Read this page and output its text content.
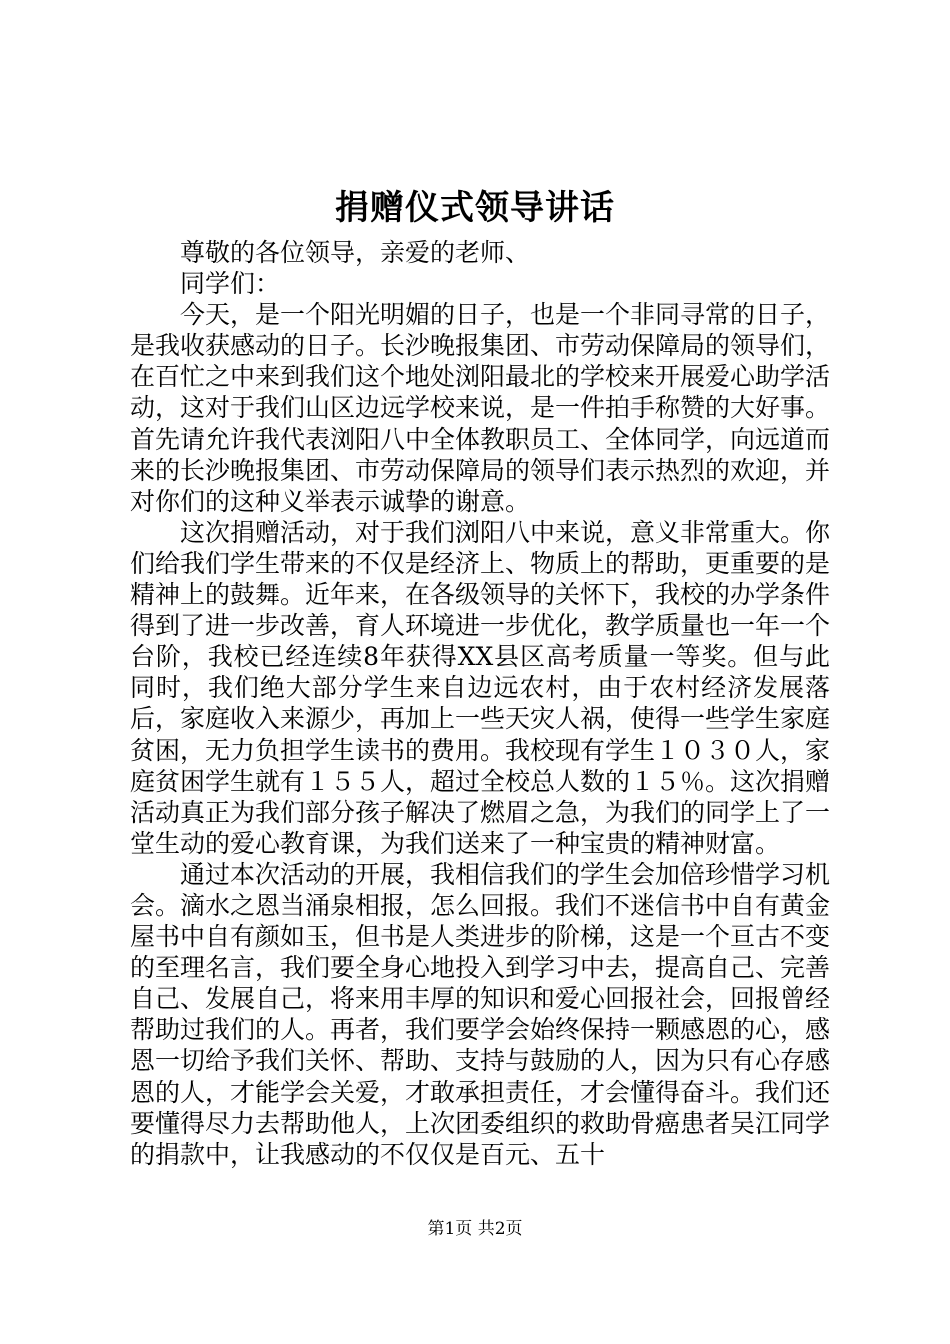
捐赠仪式领导讲话

尊敬的各位领导，亲爱的老师、

同学们：

今天，是一个阳光明媚的日子，也是一个非同寻常的日子，是我收获感动的日子。长沙晚报集团、市劳动保障局的领导们，在百忙之中来到我们这个地处浏阳最北的学校来开展爱心助学活动，这对于我们山区边远学校来说，是一件拍手称赞的大好事。首先请允许我代表浏阳八中全体教职员工、全体同学，向远道而来的长沙晚报集团、市劳动保障局的领导们表示热烈的欢迎，并对你们的这种义举表示诚挚的谢意。

这次捐赠活动，对于我们浏阳八中来说，意义非常重大。你们给我们学生带来的不仅是经济上、物质上的帮助，更重要的是精神上的鼓舞。近年来，在各级领导的关怀下，我校的办学条件得到了进一步改善，育人环境进一步优化，教学质量也一年一个台阶，我校已经连续8年获得XX县区高考质量一等奖。但与此同时，我们绝大部分学生来自边远农村，由于农村经济发展落后，家庭收入来源少，再加上一些天灾人祸，使得一些学生家庭贫困，无力负担学生读书的费用。我校现有学生１０３０人，家庭贫困学生就有１５５人，超过全校总人数的１５％。这次捐赠活动真正为我们部分孩子解决了燃眉之急，为我们的同学上了一堂生动的爱心教育课，为我们送来了一种宝贵的精神财富。

通过本次活动的开展，我相信我们的学生会加倍珍惜学习机会。滴水之恩当涌泉相报，怎么回报。我们不迷信书中自有黄金屋书中自有颜如玉，但书是人类进步的阶梯，这是一个亘古不变的至理名言，我们要全身心地投入到学习中去，提高自己、完善自己、发展自己，将来用丰厚的知识和爱心回报社会，回报曾经帮助过我们的人。再者，我们要学会始终保持一颗感恩的心，感恩一切给予我们关怀、帮助、支持与鼓励的人，因为只有心存感恩的人，才能学会关爱，才敢承担责任，才会懂得奋斗。我们还要懂得尽力去帮助他人，上次团委组织的救助骨癌患者吴江同学的捐款中，让我感动的不仅仅是百元、五十

第1页 共2页
